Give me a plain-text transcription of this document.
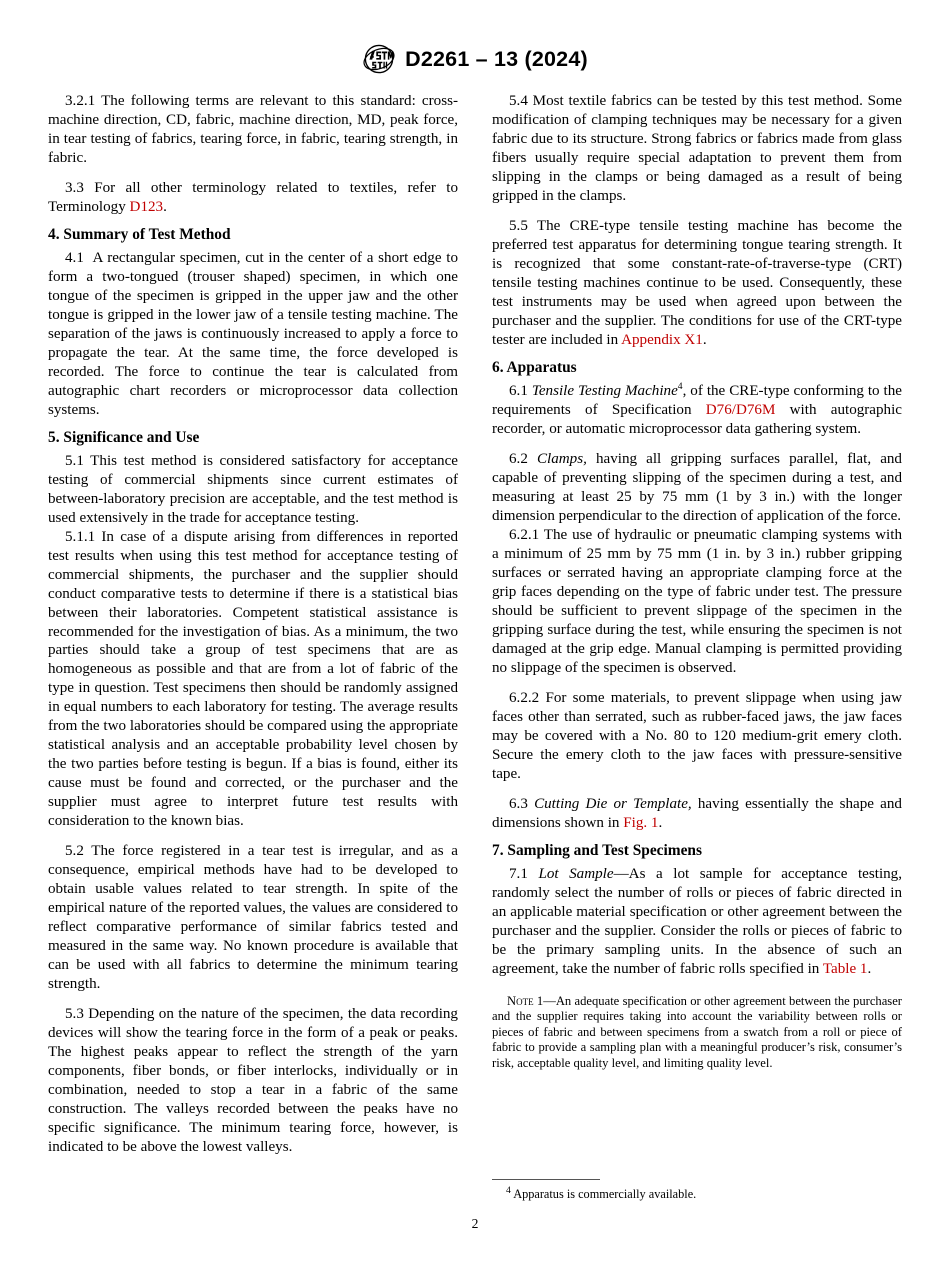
D2261 – 13 (2024)

3.2.1 The following terms are relevant to this standard: cross-machine direction, CD, fabric, machine direction, MD, peak force, in tear testing of fabrics, tearing force, in fabric, tearing strength, in fabric.

3.3 For all other terminology related to textiles, refer to Terminology D123.

4. Summary of Test Method

4.1 A rectangular specimen, cut in the center of a short edge to form a two-tongued (trouser shaped) specimen, in which one tongue of the specimen is gripped in the upper jaw and the other tongue is gripped in the lower jaw of a tensile testing machine. The separation of the jaws is continuously increased to apply a force to propagate the tear. At the same time, the force developed is recorded. The force to continue the tear is calculated from autographic chart recorders or microprocessor data collection systems.

5. Significance and Use

5.1 This test method is considered satisfactory for acceptance testing of commercial shipments since current estimates of between-laboratory precision are acceptable, and the test method is used extensively in the trade for acceptance testing.

5.1.1 In case of a dispute arising from differences in reported test results when using this test method for acceptance testing of commercial shipments, the purchaser and the supplier should conduct comparative tests to determine if there is a statistical bias between their laboratories. Competent statistical assistance is recommended for the investigation of bias. As a minimum, the two parties should take a group of test specimens that are as homogeneous as possible and that are from a lot of fabric of the type in question. Test specimens then should be randomly assigned in equal numbers to each laboratory for testing. The average results from the two laboratories should be compared using the appropriate statistical analysis and an acceptable probability level chosen by the two parties before testing is begun. If a bias is found, either its cause must be found and corrected, or the purchaser and the supplier must agree to interpret future test results with consideration to the known bias.

5.2 The force registered in a tear test is irregular, and as a consequence, empirical methods have had to be developed to obtain usable values related to tear strength. In spite of the empirical nature of the reported values, the values are considered to reflect comparative performance of similar fabrics tested and measured in the same way. No known procedure is available that can be used with all fabrics to determine the minimum tearing strength.

5.3 Depending on the nature of the specimen, the data recording devices will show the tearing force in the form of a peak or peaks. The highest peaks appear to reflect the strength of the yarn components, fiber bonds, or fiber interlocks, individually or in combination, needed to stop a tear in a fabric of the same construction. The valleys recorded between the peaks have no specific significance. The minimum tearing force, however, is indicated to be above the lowest valleys.

5.4 Most textile fabrics can be tested by this test method. Some modification of clamping techniques may be necessary for a given fabric due to its structure. Strong fabrics or fabrics made from glass fibers usually require special adaptation to prevent them from slipping in the clamps or being damaged as a result of being gripped in the clamps.

5.5 The CRE-type tensile testing machine has become the preferred test apparatus for determining tongue tearing strength. It is recognized that some constant-rate-of-traverse-type (CRT) tensile testing machines continue to be used. Consequently, these test instruments may be used when agreed upon between the purchaser and the supplier. The conditions for use of the CRT-type tester are included in Appendix X1.

6. Apparatus

6.1 Tensile Testing Machine$^4$, of the CRE-type conforming to the requirements of Specification D76/D76M with autographic recorder, or automatic microprocessor data gathering system.

6.2 Clamps, having all gripping surfaces parallel, flat, and capable of preventing slipping of the specimen during a test, and measuring at least 25 by 75 mm (1 by 3 in.) with the longer dimension perpendicular to the direction of application of the force.

6.2.1 The use of hydraulic or pneumatic clamping systems with a minimum of 25 mm by 75 mm (1 in. by 3 in.) rubber gripping surfaces or serrated having an appropriate clamping force at the grip faces depending on the type of fabric under test. The pressure should be sufficient to prevent slippage of the specimen in the gripping surface during the test, while ensuring the specimen is not damaged at the grip edge. Manual clamping is permitted providing no slippage of the specimen is observed.

6.2.2 For some materials, to prevent slippage when using jaw faces other than serrated, such as rubber-faced jaws, the jaw faces may be covered with a No. 80 to 120 medium-grit emery cloth. Secure the emery cloth to the jaw faces with pressure-sensitive tape.

6.3 Cutting Die or Template, having essentially the shape and dimensions shown in Fig. 1.

7. Sampling and Test Specimens

7.1 Lot Sample—As a lot sample for acceptance testing, randomly select the number of rolls or pieces of fabric directed in an applicable material specification or other agreement between the purchaser and the supplier. Consider the rolls or pieces of fabric to be the primary sampling units. In the absence of such an agreement, take the number of fabric rolls specified in Table 1.

Note 1—An adequate specification or other agreement between the purchaser and the supplier requires taking into account the variability between rolls or pieces of fabric and between specimens from a swatch from a roll or piece of fabric to provide a sampling plan with a meaningful producer’s risk, consumer’s risk, acceptable quality level, and limiting quality level.

$^4$ Apparatus is commercially available.

2
